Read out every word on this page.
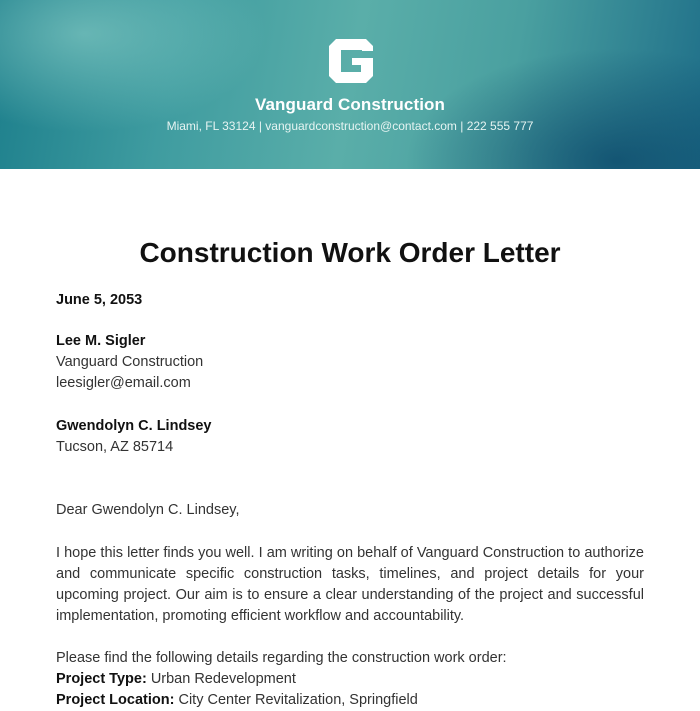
Vanguard Construction
Miami, FL 33124 | vanguardconstruction@contact.com | 222 555 777
Construction Work Order Letter
June 5, 2053
Lee M. Sigler
Vanguard Construction
leesigler@email.com
Gwendolyn C. Lindsey
Tucson, AZ 85714
Dear Gwendolyn C. Lindsey,
I hope this letter finds you well. I am writing on behalf of Vanguard Construction to authorize and communicate specific construction tasks, timelines, and project details for your upcoming project. Our aim is to ensure a clear understanding of the project and successful implementation, promoting efficient workflow and accountability.
Please find the following details regarding the construction work order:
Project Type: Urban Redevelopment
Project Location: City Center Revitalization, Springfield
